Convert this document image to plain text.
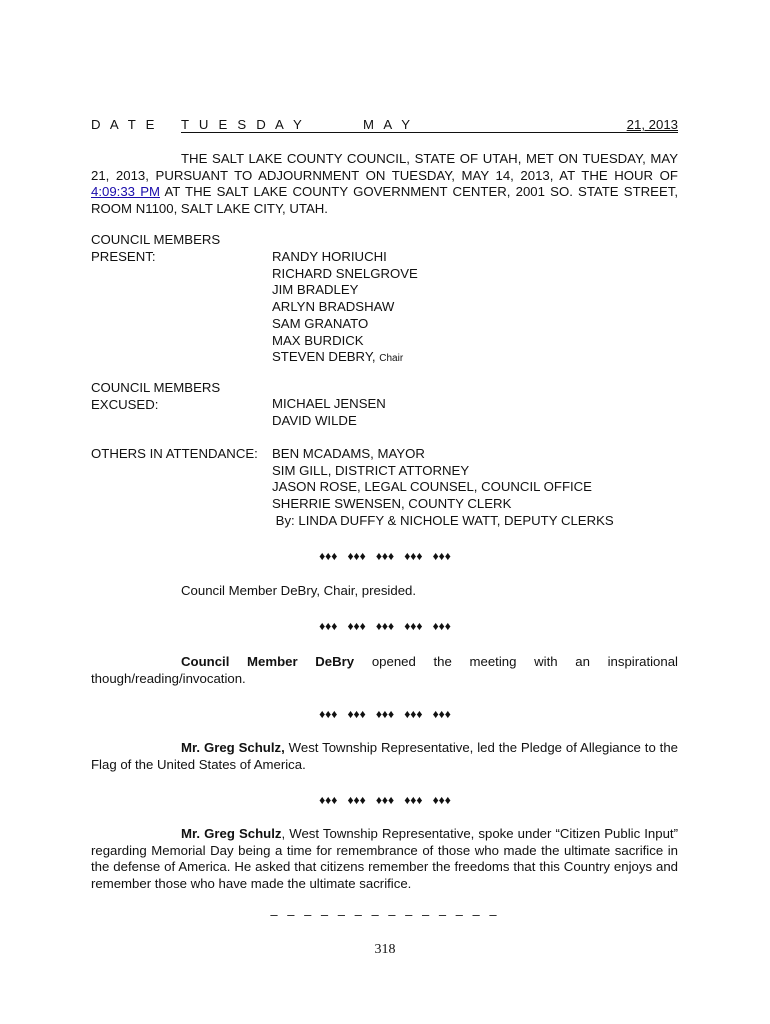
D A T E T U E S D A Y	M A Y	21, 2013
THE SALT LAKE COUNTY COUNCIL, STATE OF UTAH, MET ON TUESDAY, MAY 21, 2013, PURSUANT TO ADJOURNMENT ON TUESDAY, MAY 14, 2013, AT THE HOUR OF 4:09:33 PM AT THE SALT LAKE COUNTY GOVERNMENT CENTER, 2001 SO. STATE STREET, ROOM N1100, SALT LAKE CITY, UTAH.
COUNCIL MEMBERS
PRESENT:	RANDY HORIUCHI
RICHARD SNELGROVE
JIM BRADLEY
ARLYN BRADSHAW
SAM GRANATO
MAX BURDICK
STEVEN DEBRY, Chair
COUNCIL MEMBERS
EXCUSED:	MICHAEL JENSEN
DAVID WILDE
OTHERS IN ATTENDANCE: BEN MCADAMS, MAYOR
SIM GILL, DISTRICT ATTORNEY
JASON ROSE, LEGAL COUNSEL, COUNCIL OFFICE
SHERRIE SWENSEN, COUNTY CLERK
By: LINDA DUFFY & NICHOLE WATT, DEPUTY CLERKS
♦♦♦ ♦♦♦ ♦♦♦ ♦♦♦ ♦♦♦
Council Member DeBry, Chair, presided.
♦♦♦ ♦♦♦ ♦♦♦ ♦♦♦ ♦♦♦
Council Member DeBry opened the meeting with an inspirational though/reading/invocation.
♦♦♦ ♦♦♦ ♦♦♦ ♦♦♦ ♦♦♦
Mr. Greg Schulz, West Township Representative, led the Pledge of Allegiance to the Flag of the United States of America.
♦♦♦ ♦♦♦ ♦♦♦ ♦♦♦ ♦♦♦
Mr. Greg Schulz, West Township Representative, spoke under “Citizen Public Input” regarding Memorial Day being a time for remembrance of those who made the ultimate sacrifice in the defense of America. He asked that citizens remember the freedoms that this Country enjoys and remember those who have made the ultimate sacrifice.
– – – – – – – – – – – – – –
318
